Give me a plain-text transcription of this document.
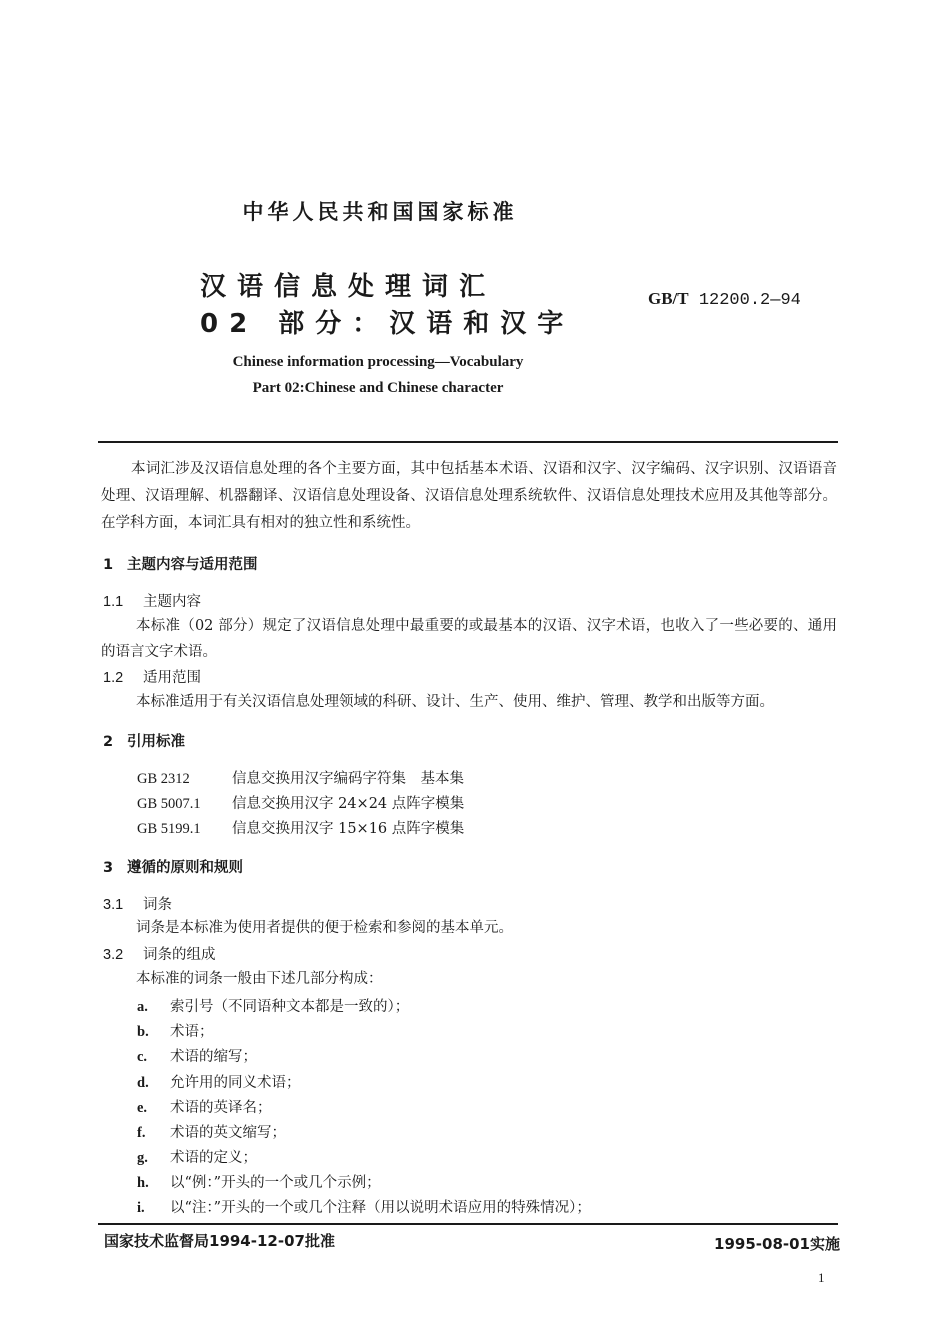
中华人民共和国国家标准
汉语信息处理词汇
02 部分：汉语和汉字
GB/T 12200.2—94
Chinese information processing—Vocabulary
Part 02:Chinese and Chinese character
本词汇涉及汉语信息处理的各个主要方面，其中包括基本术语、汉语和汉字、汉字编码、汉字识别、汉语语音处理、汉语理解、机器翻译、汉语信息处理设备、汉语信息处理系统软件、汉语信息处理技术应用及其他等部分。在学科方面，本词汇具有相对的独立性和系统性。
1 主题内容与适用范围
1.1 主题内容
本标准（02 部分）规定了汉语信息处理中最重要的或最基本的汉语、汉字术语，也收入了一些必要的、通用的语言文字术语。
1.2 适用范围
本标准适用于有关汉语信息处理领域的科研、设计、生产、使用、维护、管理、教学和出版等方面。
2 引用标准
GB 2312	信息交换用汉字编码字符集　基本集
GB 5007.1 信息交换用汉字 24×24 点阵字模集
GB 5199.1 信息交换用汉字 15×16 点阵字模集
3 遵循的原则和规则
3.1 词条
词条是本标准为使用者提供的便于检索和参阅的基本单元。
3.2 词条的组成
本标准的词条一般由下述几部分构成：
a. 索引号（不同语种文本都是一致的）；
b. 术语；
c. 术语的缩写；
d. 允许用的同义术语；
e. 术语的英译名；
f. 术语的英文缩写；
g. 术语的定义；
h. 以“例：”开头的一个或几个示例；
i. 以“注：”开头的一个或几个注释（用以说明术语应用的特殊情况）；
国家技术监督局1994-12-07批准	1995-08-01实施
1
